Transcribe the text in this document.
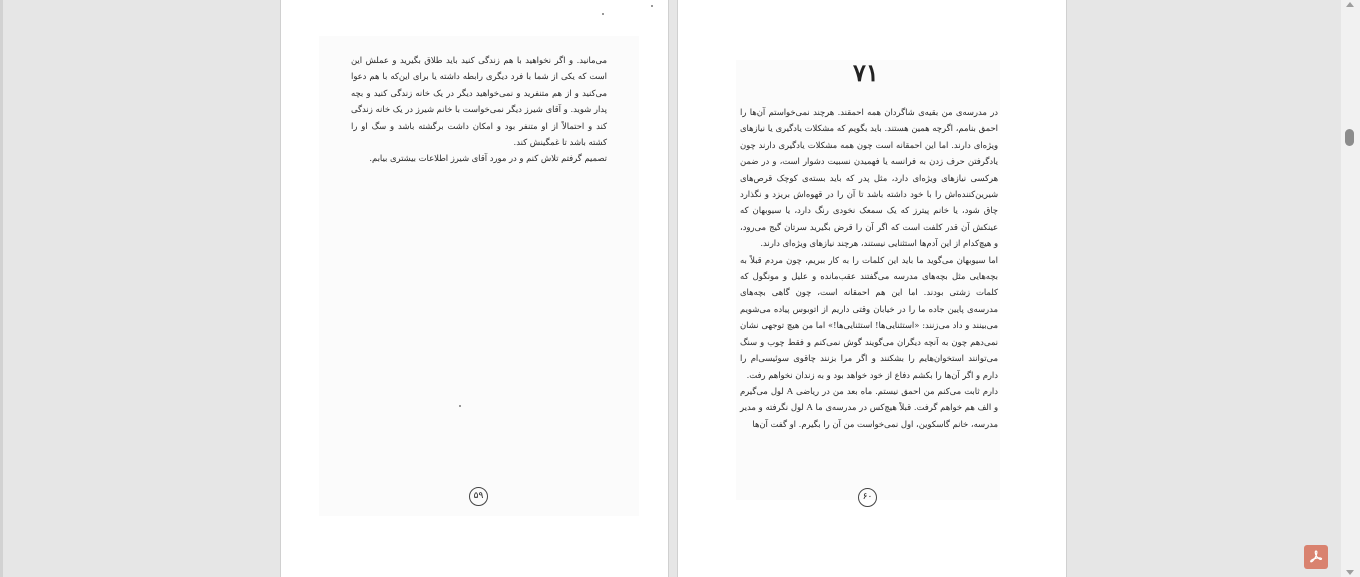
می‌مانید. و اگر نخواهید با هم زندگی کنید باید طلاق بگیرید و عملش این است که یکی از شما با فرد دیگری رابطه داشته یا برای این‌که با هم دعوا می‌کنید و از هم متنفرید و نمی‌خواهید دیگر در یک خانه زندگی کنید و بچه پدار شوید. و آقای شیرز دیگر نمی‌خواست با خانم شیرز در یک خانه زندگی کند و احتمالاً از او متنفر بود و امکان داشت برگشته باشد و سگ او را کشته باشد تا غمگینش کند.

تصمیم گرفتم تلاش کنم و در مورد آقای شیرز اطلاعات بیشتری بیابم.

۵۹
۷۱

در مدرسه‌ی من بقیه‌ی شاگردان همه احمقند. هرچند نمی‌خواستم آن‌ها را احمق بنامم، اگرچه همین هستند. باید بگویم که مشکلات یادگیری یا نیازهای ویژه‌ای دارند. اما این احمقانه است چون همه مشکلات یادگیری دارند چون یادگرفتن حرف زدن به فرانسه یا فهمیدن نسبیت دشوار است، و در ضمن هرکسی نیازهای ویژه‌ای دارد، مثل پدر که باید بسته‌ی کوچک قرص‌های شیرین‌کننده‌اش را با خود داشته باشد تا آن را در قهوه‌اش بریزد و نگذارد چاق شود، یا خانم پیترز که یک سمعک نخودی رنگ دارد، یا سیوبهان که عینکش آن قدر کلفت است که اگر آن را قرض بگیرید سرتان گیج می‌رود، و هیچ‌کدام از این آدم‌ها استثنایی نیستند، هرچند نیازهای ویژه‌ای دارند.

اما سیوبهان می‌گوید ما باید این کلمات را به کار ببریم، چون مردم قبلاً به بچه‌هایی مثل بچه‌های مدرسه می‌گفتند عقب‌مانده و علیل و مونگول که کلمات زشتی بودند. اما این هم احمقانه است، چون گاهی بچه‌های مدرسه‌ی پایین جاده ما را در خیابان وقتی داریم از اتوبوس پیاده می‌شویم می‌بینند و داد می‌زنند: «استثنایی‌ها! استثنایی‌ها!» اما من هیچ توجهی نشان نمی‌دهم چون به آنچه دیگران می‌گویند گوش نمی‌کنم و فقط چوب و سنگ می‌توانند استخوان‌هایم را بشکنند و اگر مرا بزنند چاقوی سوئیسی‌ام را دارم و اگر آن‌ها را بکشم دفاع از خود خواهد بود و به زندان نخواهم رفت.

دارم ثابت می‌کنم من احمق نیستم. ماه بعد من در ریاضی A لول می‌گیرم و الف هم خواهم گرفت. قبلاً هیچ‌کس در مدرسه‌ی ما A لول نگرفته و مدیر مدرسه، خانم گاسکوین، اول نمی‌خواست من آن را بگیرم. او گفت آن‌ها

۶۰
